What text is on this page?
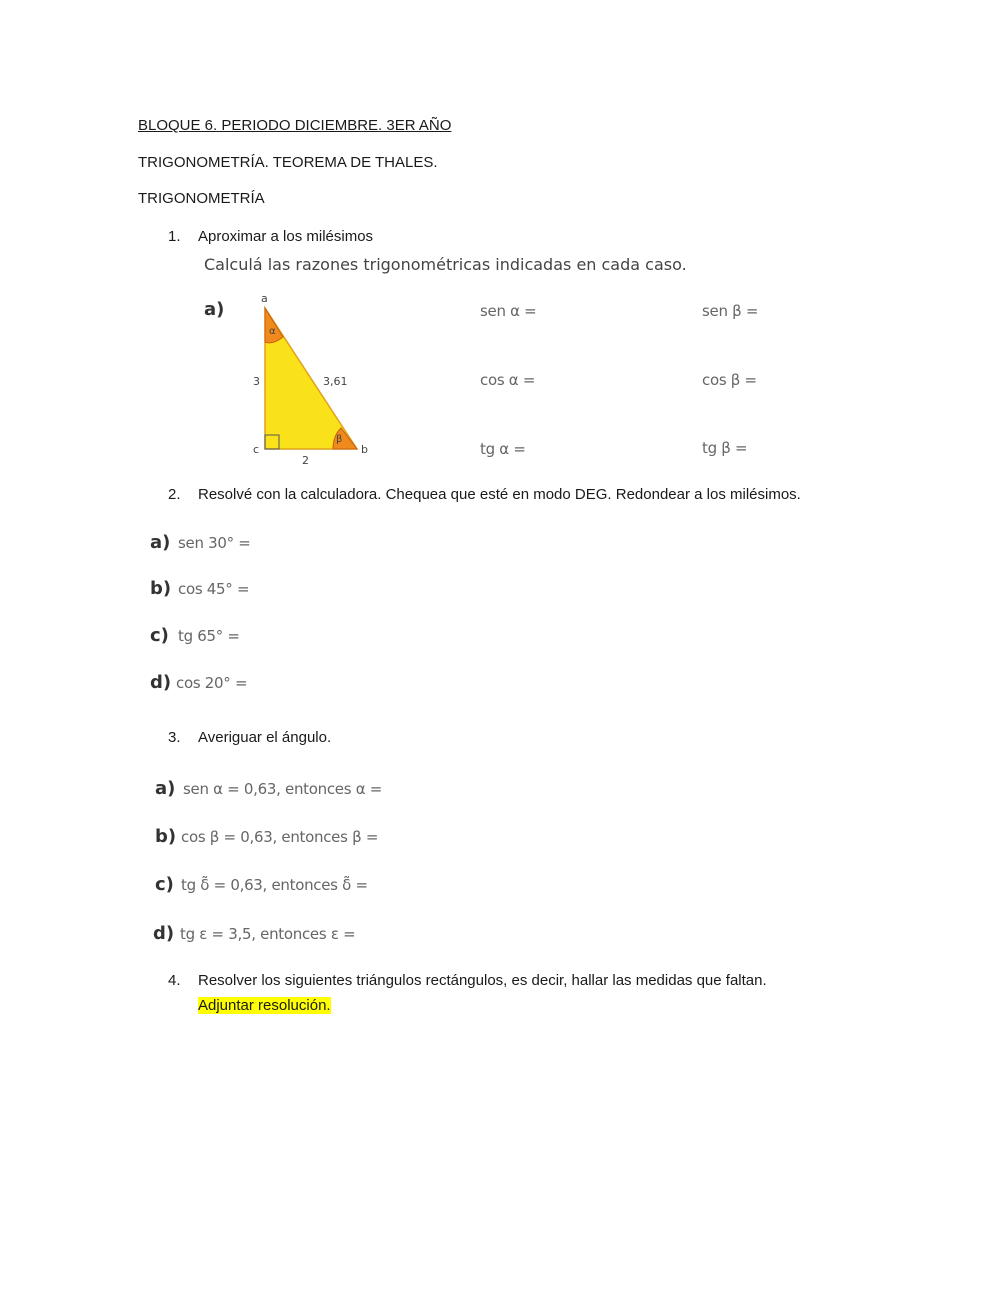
BLOQUE 6. PERIODO DICIEMBRE. 3ER AÑO
TRIGONOMETRÍA. TEOREMA DE THALES.
TRIGONOMETRÍA
1. Aproximar a los milésimos
Calculá las razones trigonométricas indicadas en cada caso.
a)
a
b
c
α
β
3	3,61
2
sen α =
cos α =
tg α =
sen β =
cos β =
tg β =
2. Resolvé con la calculadora. Chequea que esté en modo DEG. Redondear a los milésimos.
a) sen 30° =
b) cos 45° =
c) tg 65° =
d) cos 20° =
3. Averiguar el ángulo.
a) sen α = 0,63, entonces α =
b) cos β = 0,63, entonces β =
c) tg δ̃ = 0,63, entonces δ̃ =
d) tg ε = 3,5, entonces ε =
4. Resolver los siguientes triángulos rectángulos, es decir, hallar las medidas que faltan.
Adjuntar resolución.
